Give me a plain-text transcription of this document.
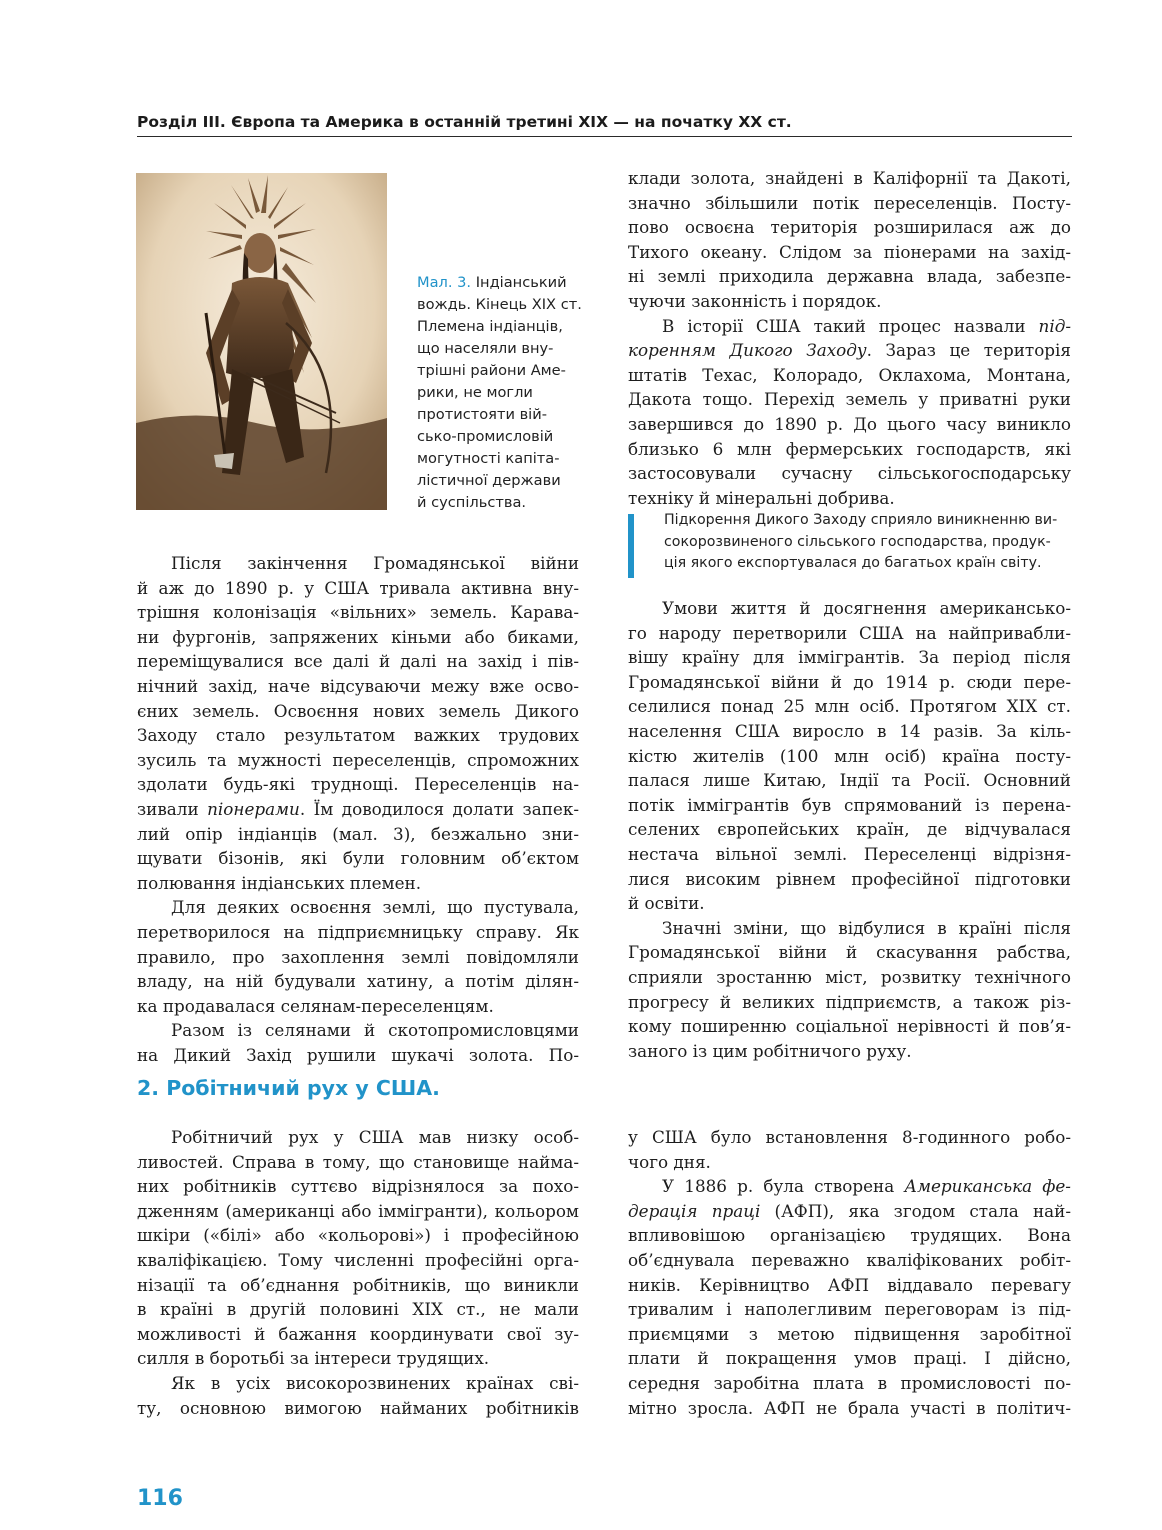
Розділ III. Європа та Америка в останній третині XIX — на початку XX ст.
Мал. 3. Індіанський
вождь. Кінець XIX ст.
Племена індіанців,
що населяли вну-
трішні райони Аме-
рики, не могли
протистояти вій-
сько-промисловій
могутності капіта-
лістичної держави
й суспільства.
Після закінчення Громадянської війни
й аж до 1890 р. у США тривала активна вну-
трішня колонізація «вільних» земель. Карава-
ни фургонів, запряжених кіньми або биками,
переміщувалися все далі й далі на захід і пів-
нічний захід, наче відсуваючи межу вже осво-
єних земель. Освоєння нових земель Дикого
Заходу стало результатом важких трудових
зусиль та мужності переселенців, спроможних
здолати будь-які труднощі. Переселенців на-
зивали піонерами. Їм доводилося долати запек-
лий опір індіанців (мал. 3), безжально зни-
щувати бізонів, які були головним об’єктом
полювання індіанських племен.
Для деяких освоєння землі, що пустувала,
перетворилося на підприємницьку справу. Як
правило, про захоплення землі повідомляли
владу, на ній будували хатину, а потім ділян-
ка продавалася селянам-переселенцям.
Разом із селянами й скотопромисловцями
на Дикий Захід рушили шукачі золота. По-
клади золота, знайдені в Каліфорнії та Дакоті,
значно збільшили потік переселенців. Посту-
пово освоєна територія розширилася аж до
Тихого океану. Слідом за піонерами на захід-
ні землі приходила державна влада, забезпе-
чуючи законність і порядок.
В історії США такий процес назвали під-
коренням Дикого Заходу. Зараз це територія
штатів Техас, Колорадо, Оклахома, Монтана,
Дакота тощо. Перехід земель у приватні руки
завершився до 1890 р. До цього часу виникло
близько 6 млн фермерських господарств, які
застосовували сучасну сільськогосподарську
техніку й мінеральні добрива.
Підкорення Дикого Заходу сприяло виникненню ви-
сокорозвиненого сільського господарства, продук-
ція якого експортувалася до багатьох країн світу.
Умови життя й досягнення американсько-
го народу перетворили США на найпривабли-
вішу країну для іммігрантів. За період після
Громадянської війни й до 1914 р. сюди пере-
селилися понад 25 млн осіб. Протягом XIX ст.
населення США виросло в 14 разів. За кіль-
кістю жителів (100 млн осіб) країна посту-
палася лише Китаю, Індії та Росії. Основний
потік іммігрантів був спрямований із перена-
селених європейських країн, де відчувалася
нестача вільної землі. Переселенці відрізня-
лися високим рівнем професійної підготовки
й освіти.
Значні зміни, що відбулися в країні після
Громадянської війни й скасування рабства,
сприяли зростанню міст, розвитку технічного
прогресу й великих підприємств, а також різ-
кому поширенню соціальної нерівності й пов’я-
заного із цим робітничого руху.
2. Робітничий рух у США.
Робітничий рух у США мав низку особ-
ливостей. Справа в тому, що становище найма-
них робітників суттєво відрізнялося за похо-
дженням (американці або іммігранти), кольором
шкіри («білі» або «кольорові») і професійною
кваліфікацією. Тому численні професійні орга-
нізації та об’єднання робітників, що виникли
в країні в другій половині XIX ст., не мали
можливості й бажання координувати свої зу-
силля в боротьбі за інтереси трудящих.
Як в усіх високорозвинених країнах сві-
ту, основною вимогою найманих робітників
у США було встановлення 8-годинного робо-
чого дня.
У 1886 р. була створена Американська фе-
дерація праці (АФП), яка згодом стала най-
впливовішою організацією трудящих. Вона
об’єднувала переважно кваліфікованих робіт-
ників. Керівництво АФП віддавало перевагу
тривалим і наполегливим переговорам із під-
приємцями з метою підвищення заробітної
плати й покращення умов праці. І дійсно,
середня заробітна плата в промисловості по-
мітно зросла. АФП не брала участі в політич-
116
